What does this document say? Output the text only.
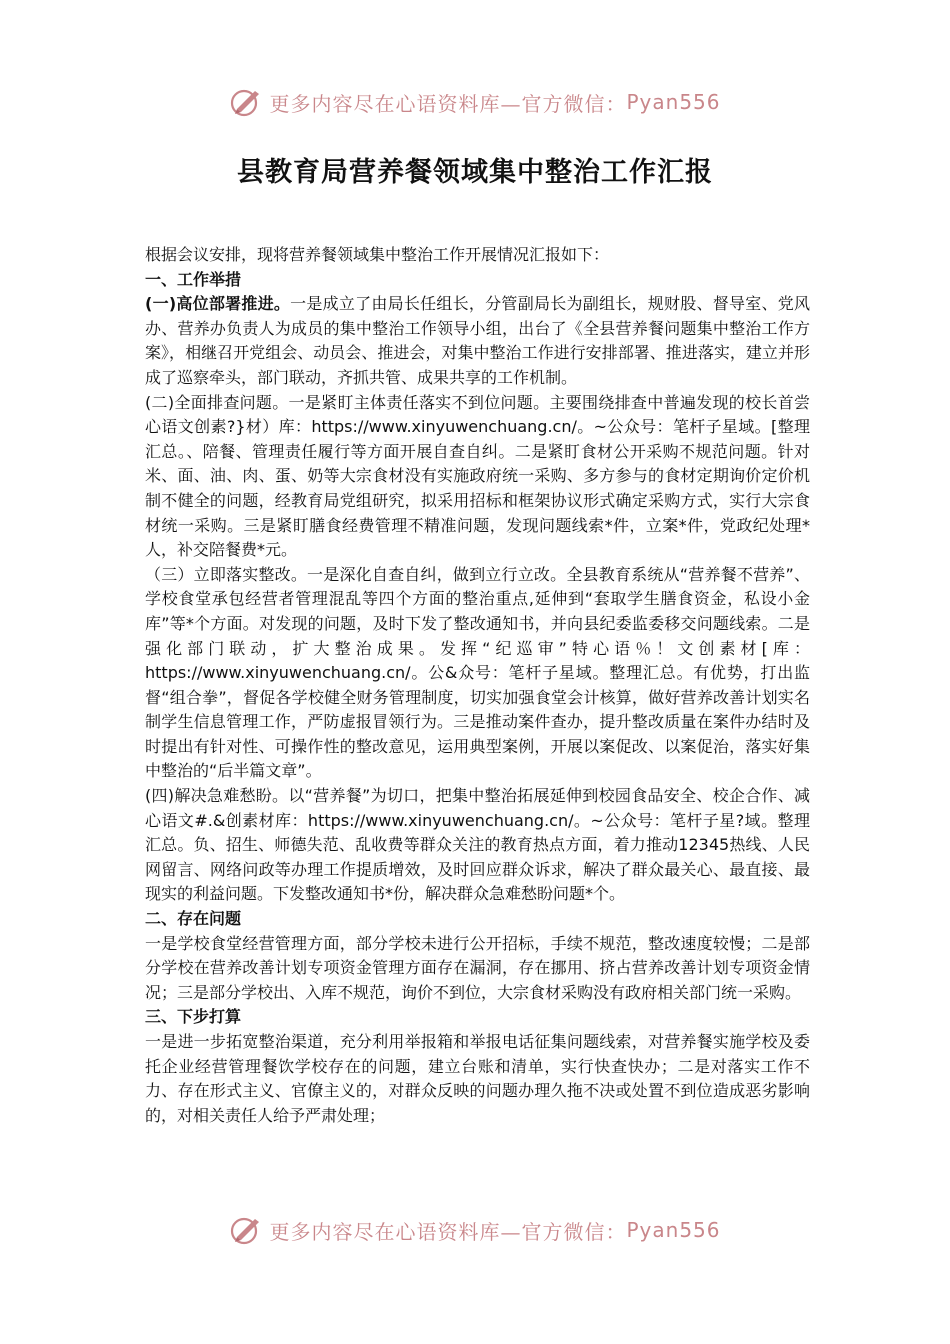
更多内容尽在心语资料库—官方微信： Pyan556
县教育局营养餐领域集中整治工作汇报

根据会议安排，现将营养餐领域集中整治工作开展情况汇报如下：

一、工作举措

(一)高位部署推进。一是成立了由局长任组长，分管副局长为副组长，规财股、督导室、党风办、营养办负责人为成员的集中整治工作领导小组，出台了《全县营养餐问题集中整治工作方案》，相继召开党组会、动员会、推进会，对集中整治工作进行安排部署、推进落实，建立并形成了巡察牵头，部门联动，齐抓共管、成果共享的工作机制。

(二)全面排查问题。一是紧盯主体责任落实不到位问题。主要围绕排查中普遍发现的校长首尝心语文创素?}材）库：https://www.xinyuwenchuang.cn/。~公众号：笔杆子星域。[整理汇总。、陪餐、管理责任履行等方面开展自查自纠。二是紧盯食材公开采购不规范问题。针对米、面、油、肉、蛋、奶等大宗食材没有实施政府统一采购、多方参与的食材定期询价定价机制不健全的问题，经教育局党组研究，拟采用招标和框架协议形式确定采购方式，实行大宗食材统一采购。三是紧盯膳食经费管理不精准问题，发现问题线索*件，立案*件，党政纪处理*人，补交陪餐费*元。

（三）立即落实整改。一是深化自查自纠，做到立行立改。全县教育系统从“营养餐不营养”、学校食堂承包经营者管理混乱等四个方面的整治重点,延伸到“套取学生膳食资金，私设小金库”等*个方面。对发现的问题，及时下发了整改通知书，并向县纪委监委移交问题线索。二是强化部门联动，扩大整治成果。发挥“纪巡审”特心语％！文创素材[库：https://www.xinyuwenchuang.cn/。公&众号：笔杆子星域。整理汇总。有优势，打出监督“组合拳”，督促各学校健全财务管理制度，切实加强食堂会计核算，做好营养改善计划实名制学生信息管理工作，严防虚报冒领行为。三是推动案件查办，提升整改质量在案件办结时及时提出有针对性、可操作性的整改意见，运用典型案例，开展以案促改、以案促治，落实好集中整治的“后半篇文章”。

(四)解决急难愁盼。以“营养餐”为切口，把集中整治拓展延伸到校园食品安全、校企合作、减心语文#.&创素材库：https://www.xinyuwenchuang.cn/。~公众号：笔杆子星?域。整理汇总。负、招生、师德失范、乱收费等群众关注的教育热点方面，着力推动12345热线、人民网留言、网络问政等办理工作提质增效，及时回应群众诉求，解决了群众最关心、最直接、最现实的利益问题。下发整改通知书*份，解决群众急难愁盼问题*个。

二、存在问题

一是学校食堂经营管理方面，部分学校未进行公开招标，手续不规范，整改速度较慢；二是部分学校在营养改善计划专项资金管理方面存在漏洞，存在挪用、挤占营养改善计划专项资金情况；三是部分学校出、入库不规范，询价不到位，大宗食材采购没有政府相关部门统一采购。

三、下步打算

一是进一步拓宽整治渠道，充分利用举报箱和举报电话征集问题线索，对营养餐实施学校及委托企业经营管理餐饮学校存在的问题，建立台账和清单，实行快查快办；二是对落实工作不力、存在形式主义、官僚主义的，对群众反映的问题办理久拖不决或处置不到位造成恶劣影响的，对相关责任人给予严肃处理；

更多内容尽在心语资料库—官方微信： Pyan556
